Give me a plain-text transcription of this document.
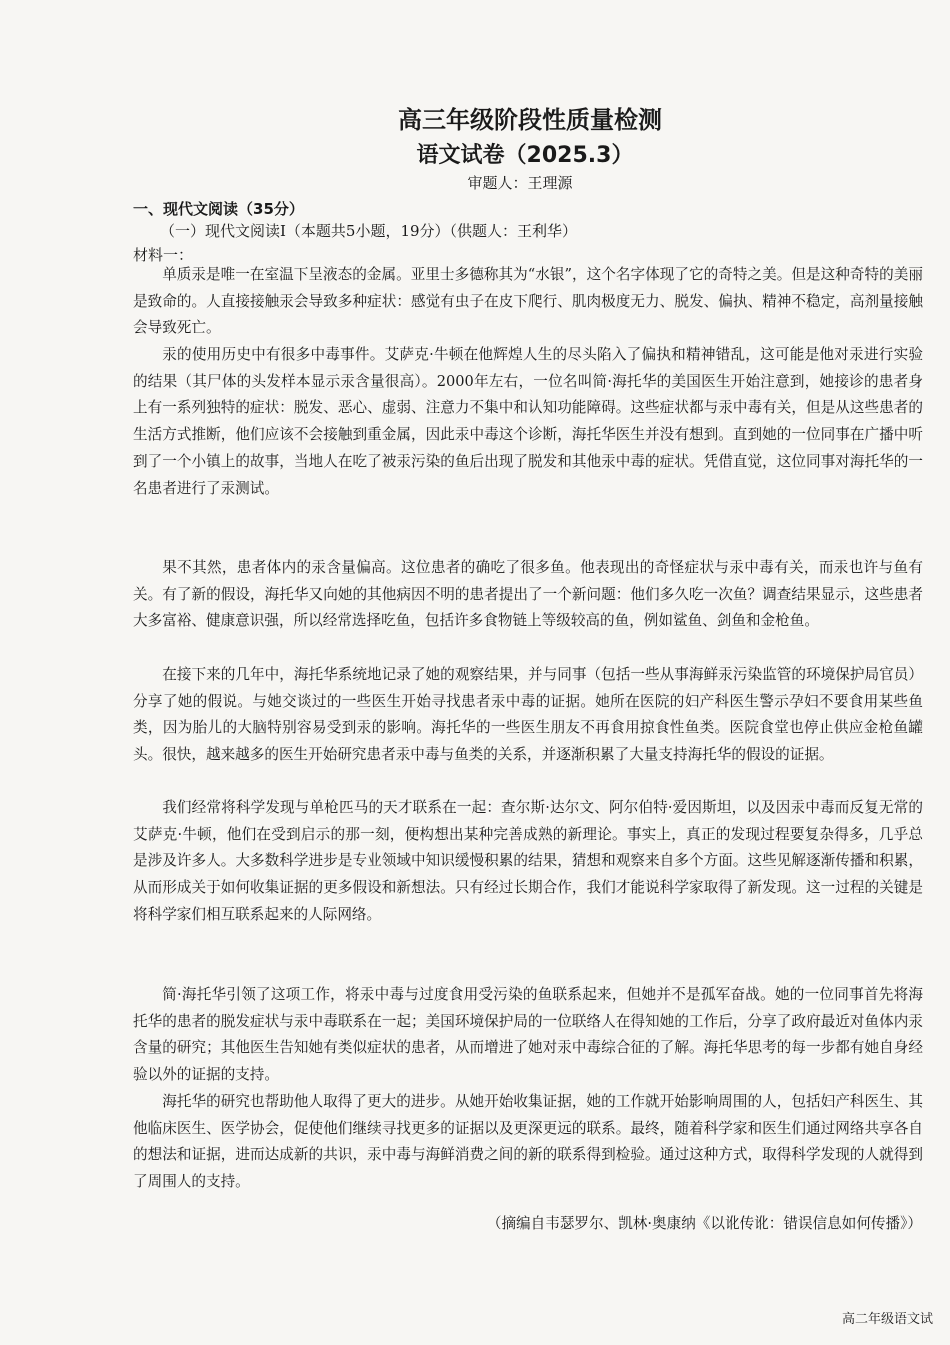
高三年级阶段性质量检测
语文试卷（2025.3）
审题人：王理源
一、现代文阅读（35分）
（一）现代文阅读Ⅰ（本题共5小题，19分）（供题人：王利华）
材料一：

单质汞是唯一在室温下呈液态的金属。亚里士多德称其为“水银”，这个名字体现了它的奇特之美。但是这种奇特的美丽是致命的。人直接接触汞会导致多种症状：感觉有虫子在皮下爬行、肌肉极度无力、脱发、偏执、精神不稳定，高剂量接触会导致死亡。

汞的使用历史中有很多中毒事件。艾萨克·牛顿在他辉煌人生的尽头陷入了偏执和精神错乱，这可能是他对汞进行实验的结果（其尸体的头发样本显示汞含量很高）。2000年左右，一位名叫简·海托华的美国医生开始注意到，她接诊的患者身上有一系列独特的症状：脱发、恶心、虚弱、注意力不集中和认知功能障碍。这些症状都与汞中毒有关，但是从这些患者的生活方式推断，他们应该不会接触到重金属，因此汞中毒这个诊断，海托华医生并没有想到。直到她的一位同事在广播中听到了一个小镇上的故事，当地人在吃了被汞污染的鱼后出现了脱发和其他汞中毒的症状。凭借直觉，这位同事对海托华的一名患者进行了汞测试。

果不其然，患者体内的汞含量偏高。这位患者的确吃了很多鱼。他表现出的奇怪症状与汞中毒有关，而汞也许与鱼有关。有了新的假设，海托华又向她的其他病因不明的患者提出了一个新问题：他们多久吃一次鱼？调查结果显示，这些患者大多富裕、健康意识强，所以经常选择吃鱼，包括许多食物链上等级较高的鱼，例如鲨鱼、剑鱼和金枪鱼。

在接下来的几年中，海托华系统地记录了她的观察结果，并与同事（包括一些从事海鲜汞污染监管的环境保护局官员）分享了她的假说。与她交谈过的一些医生开始寻找患者汞中毒的证据。她所在医院的妇产科医生警示孕妇不要食用某些鱼类，因为胎儿的大脑特别容易受到汞的影响。海托华的一些医生朋友不再食用掠食性鱼类。医院食堂也停止供应金枪鱼罐头。很快，越来越多的医生开始研究患者汞中毒与鱼类的关系，并逐渐积累了大量支持海托华的假设的证据。

我们经常将科学发现与单枪匹马的天才联系在一起：查尔斯·达尔文、阿尔伯特·爱因斯坦，以及因汞中毒而反复无常的艾萨克·牛顿，他们在受到启示的那一刻，便构想出某种完善成熟的新理论。事实上，真正的发现过程要复杂得多，几乎总是涉及许多人。大多数科学进步是专业领域中知识缓慢积累的结果，猜想和观察来自多个方面。这些见解逐渐传播和积累，从而形成关于如何收集证据的更多假设和新想法。只有经过长期合作，我们才能说科学家取得了新发现。这一过程的关键是将科学家们相互联系起来的人际网络。

简·海托华引领了这项工作，将汞中毒与过度食用受污染的鱼联系起来，但她并不是孤军奋战。她的一位同事首先将海托华的患者的脱发症状与汞中毒联系在一起；美国环境保护局的一位联络人在得知她的工作后，分享了政府最近对鱼体内汞含量的研究；其他医生告知她有类似症状的患者，从而增进了她对汞中毒综合征的了解。海托华思考的每一步都有她自身经验以外的证据的支持。

海托华的研究也帮助他人取得了更大的进步。从她开始收集证据，她的工作就开始影响周围的人，包括妇产科医生、其他临床医生、医学协会，促使他们继续寻找更多的证据以及更深更远的联系。最终，随着科学家和医生们通过网络共享各自的想法和证据，进而达成新的共识，汞中毒与海鲜消费之间的新的联系得到检验。通过这种方式，取得科学发现的人就得到了周围人的支持。

（摘编自韦瑟罗尔、凯林·奥康纳《以讹传讹：错误信息如何传播》）
高二年级语文试
